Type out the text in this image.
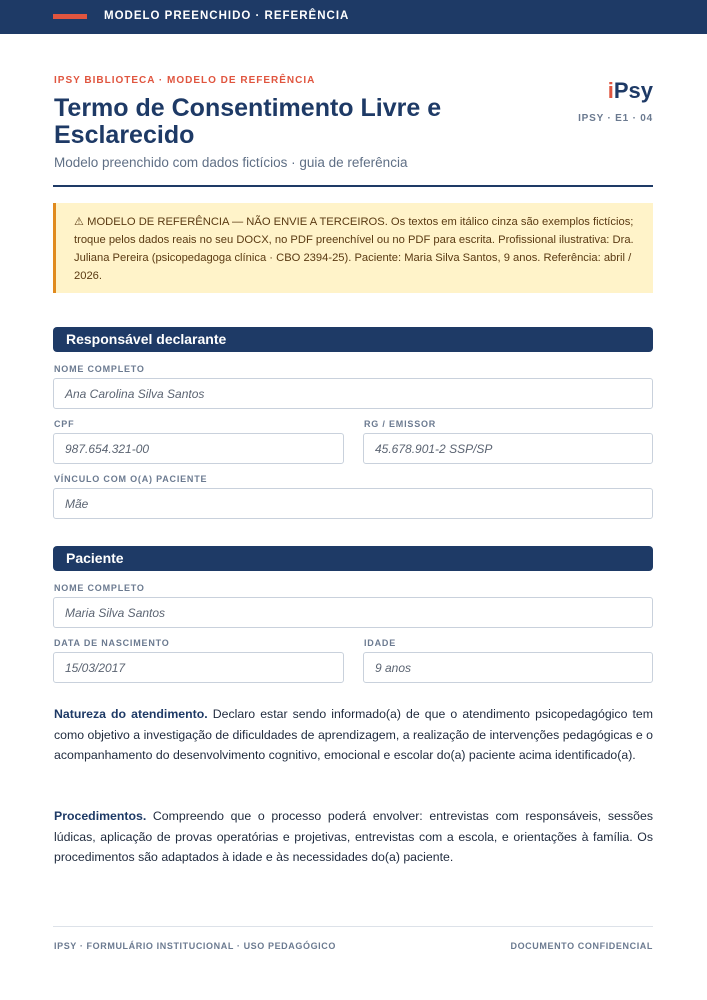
MODELO PREENCHIDO · REFERÊNCIA
IPSY BIBLIOTECA · MODELO DE REFERÊNCIA
Termo de Consentimento Livre e Esclarecido
Modelo preenchido com dados fictícios · guia de referência
iPsy
IPSY · E1 · 04
⚠ MODELO DE REFERÊNCIA — NÃO ENVIE A TERCEIROS. Os textos em itálico cinza são exemplos fictícios; troque pelos dados reais no seu DOCX, no PDF preenchível ou no PDF para escrita. Profissional ilustrativa: Dra. Juliana Pereira (psicopedagoga clínica · CBO 2394-25). Paciente: Maria Silva Santos, 9 anos. Referência: abril / 2026.
Responsável declarante
NOME COMPLETO
Ana Carolina Silva Santos
CPF
987.654.321-00
RG / EMISSOR
45.678.901-2 SSP/SP
VÍNCULO COM O(A) PACIENTE
Mãe
Paciente
NOME COMPLETO
Maria Silva Santos
DATA DE NASCIMENTO
15/03/2017
IDADE
9 anos
Natureza do atendimento. Declaro estar sendo informado(a) de que o atendimento psicopedagógico tem como objetivo a investigação de dificuldades de aprendizagem, a realização de intervenções pedagógicas e o acompanhamento do desenvolvimento cognitivo, emocional e escolar do(a) paciente acima identificado(a).
Procedimentos. Compreendo que o processo poderá envolver: entrevistas com responsáveis, sessões lúdicas, aplicação de provas operatórias e projetivas, entrevistas com a escola, e orientações à família. Os procedimentos são adaptados à idade e às necessidades do(a) paciente.
IPSY · FORMULÁRIO INSTITUCIONAL · USO PEDAGÓGICO	DOCUMENTO CONFIDENCIAL
